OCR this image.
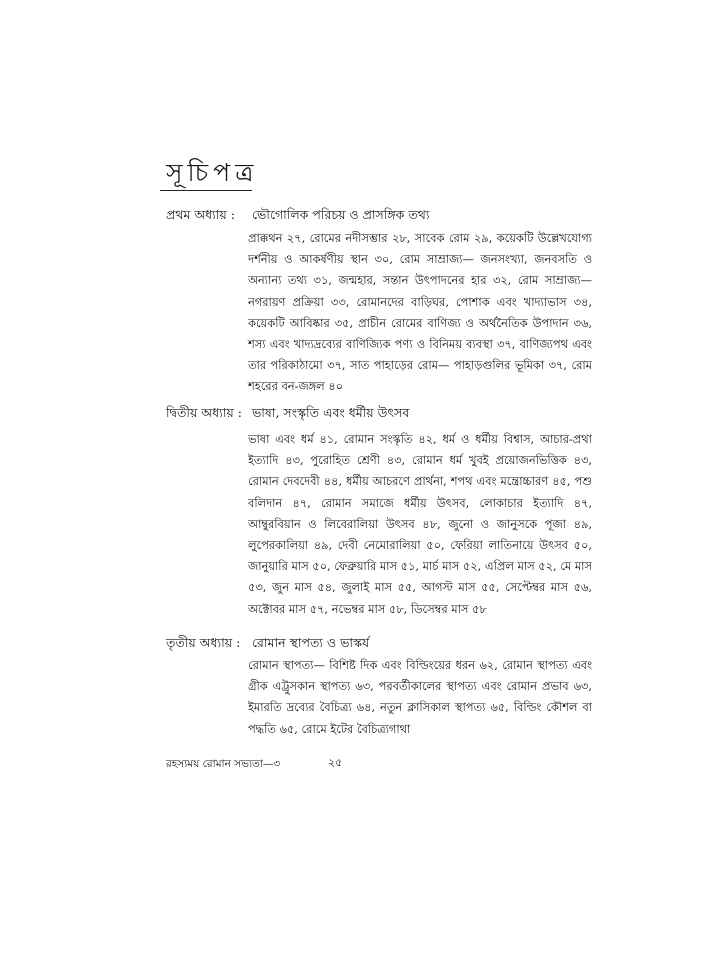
সূচিপত্র
প্রথম অধ্যায় : ভৌগোলিক পরিচয় ও প্রাসঙ্গিক তথ্য
প্রাক্কথন ২৭, রোমের নদীসম্ভার ২৮, সাবেক রোম ২৯, কয়েকটি উল্লেখযোগ্য দর্শনীয় ও আকর্ষণীয় স্থান ৩০, রোম সাম্রাজ্য— জনসংখ্যা, জনবসতি ও অন্যান্য তথ্য ৩১, জন্মহার, সন্তান উৎপাদনের হার ৩২, রোম সাম্রাজ্য— নগরায়ণ প্রক্রিয়া ৩৩, রোমানদের বাড়িঘর, পোশাক এবং খাদ্যাভাস ৩৪, কয়েকটি আবিষ্কার ৩৫, প্রাচীন রোমের বাণিজ্য ও অর্থনৈতিক উপাদান ৩৬, শস্য এবং খাদ্যদ্রব্যের বাণিজ্যিক পণ্য ও বিনিময় ব্যবস্থা ৩৭, বাণিজ্যপথ এবং তার পরিকাঠামো ৩৭, সাত পাহাড়ের রোম— পাহাড়গুলির ভূমিকা ৩৭, রোম শহরের বন-জঙ্গল ৪০
দ্বিতীয় অধ্যায় : ভাষা, সংস্কৃতি এবং ধর্মীয় উৎসব
ভাষা এবং ধর্ম ৪১, রোমান সংস্কৃতি ৪২, ধর্ম ও ধর্মীয় বিশ্বাস, আচার-প্রথা ইত্যাদি ৪৩, পুরোহিত শ্রেণী ৪৩, রোমান ধর্ম খুবই প্রয়োজনভিত্তিক ৪৩, রোমান দেবদেবী ৪৪, ধর্মীয় আচরণে প্রার্থনা, শপথ এবং মন্ত্রোচ্চারণ ৪৫, পশু বলিদান ৪৭, রোমান সমাজে ধর্মীয় উৎসব, লোকাচার ইত্যাদি ৪৭, আম্বুরবিয়ান ও লিবেরালিয়া উৎসব ৪৮, জুনো ও জানুসকে পূজা ৪৯, লুপেরকালিয়া ৪৯, দেবী নেমোরালিয়া ৫০, ফেরিয়া লাতিনায়ে উৎসব ৫০, জানুয়ারি মাস ৫০, ফেব্রুয়ারি মাস ৫১, মার্চ মাস ৫২, এপ্রিল মাস ৫২, মে মাস ৫৩, জুন মাস ৫৪, জুলাই মাস ৫৫, আগস্ট মাস ৫৫, সেপ্টেম্বর মাস ৫৬, অক্টোবর মাস ৫৭, নভেম্বর মাস ৫৮, ডিসেম্বর মাস ৫৮
তৃতীয় অধ্যায় : রোমান স্থাপত্য ও ভাস্কর্য
রোমান স্থাপত্য— বিশিষ্ট দিক এবং বিল্ডিংয়ের ধরন ৬২, রোমান স্থাপত্য এবং গ্রীক এট্রুসকান স্থাপত্য ৬৩, পরবর্তীকালের স্থাপত্য এবং রোমান প্রভাব ৬৩, ইমারতি দ্রব্যের বৈচিত্র্য ৬৪, নতুন ক্লাসিকাল স্থাপত্য ৬৫, বিল্ডিং কৌশল বা পদ্ধতি ৬৫, রোমে ইটের বৈচিত্র্যগাথা
রহস্যময় রোমান সভ্যতা—৩	২৫
